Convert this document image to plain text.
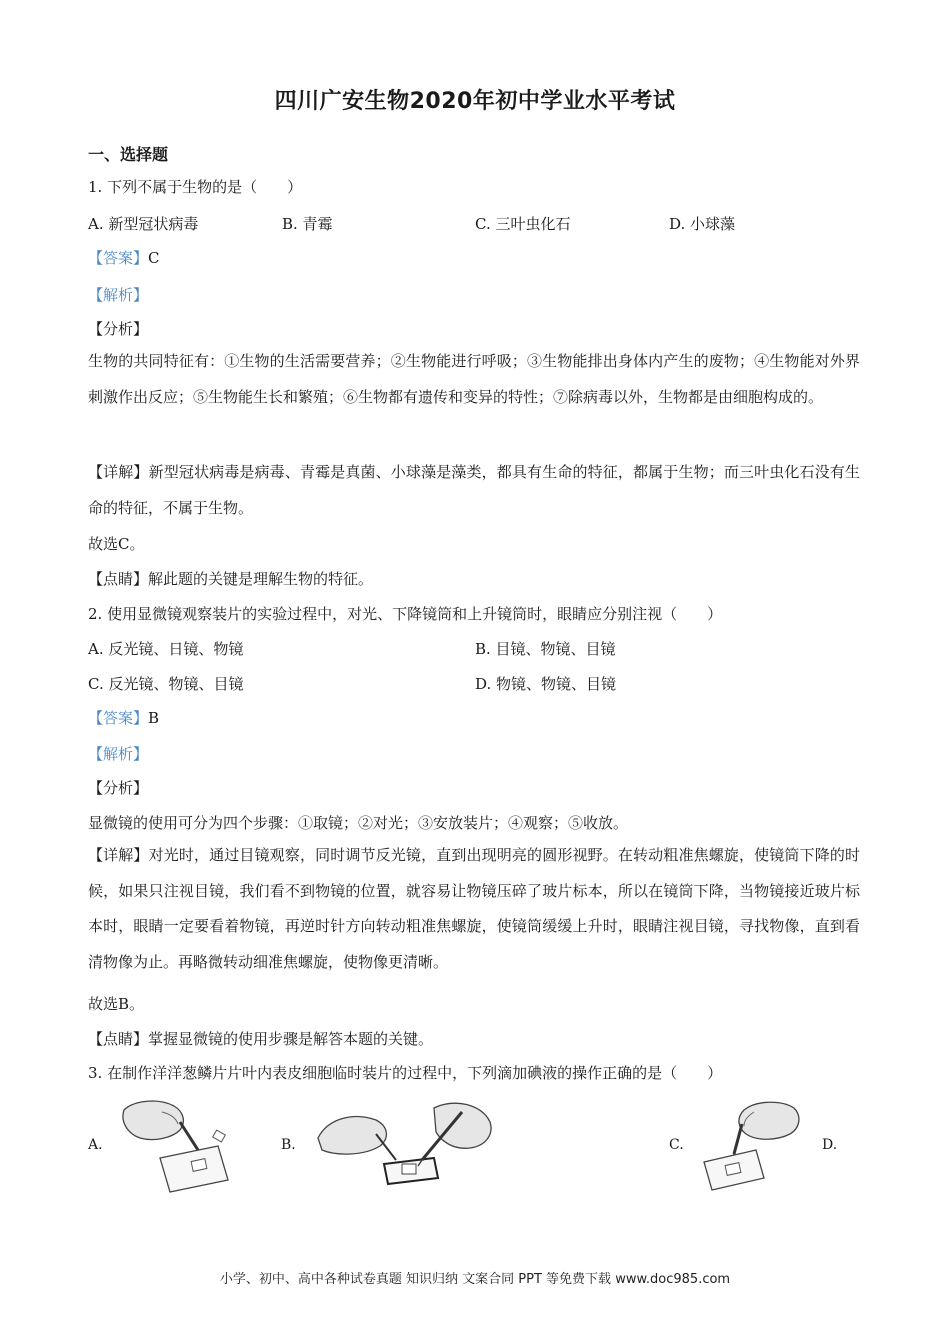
四川广安生物2020年初中学业水平考试
一、选择题
1. 下列不属于生物的是（　　）
A. 新型冠状病毒	B. 青霉	C. 三叶虫化石	D. 小球藻
【答案】C
【解析】
【分析】
生物的共同特征有：①生物的生活需要营养；②生物能进行呼吸；③生物能排出身体内产生的废物；④生物能对外界刺激作出反应；⑤生物能生长和繁殖；⑥生物都有遗传和变异的特性；⑦除病毒以外，生物都是由细胞构成的。
【详解】新型冠状病毒是病毒、青霉是真菌、小球藻是藻类，都具有生命的特征，都属于生物；而三叶虫化石没有生命的特征，不属于生物。
故选C。
【点睛】解此题的关键是理解生物的特征。
2. 使用显微镜观察装片的实验过程中，对光、下降镜筒和上升镜筒时，眼睛应分别注视（　　）
A. 反光镜、日镜、物镜	B. 目镜、物镜、目镜
C. 反光镜、物镜、目镜	D. 物镜、物镜、目镜
【答案】B
【解析】
【分析】
显微镜的使用可分为四个步骤：①取镜；②对光；③安放装片；④观察；⑤收放。
【详解】对光时，通过目镜观察，同时调节反光镜，直到出现明亮的圆形视野。在转动粗准焦螺旋，使镜筒下降的时候，如果只注视目镜，我们看不到物镜的位置，就容易让物镜压碎了玻片标本，所以在镜筒下降，当物镜接近玻片标本时，眼睛一定要看着物镜，再逆时针方向转动粗准焦螺旋，使镜筒缓缓上升时，眼睛注视目镜，寻找物像，直到看清物像为止。再略微转动细准焦螺旋，使物像更清晰。
故选B。
【点睛】掌握显微镜的使用步骤是解答本题的关键。
3. 在制作洋洋葱鳞片片叶内表皮细胞临时装片的过程中，下列滴加碘液的操作正确的是（　　）
A.	B.	C.	D.
小学、初中、高中各种试卷真题 知识归纳 文案合同 PPT 等免费下载 www.doc985.com
